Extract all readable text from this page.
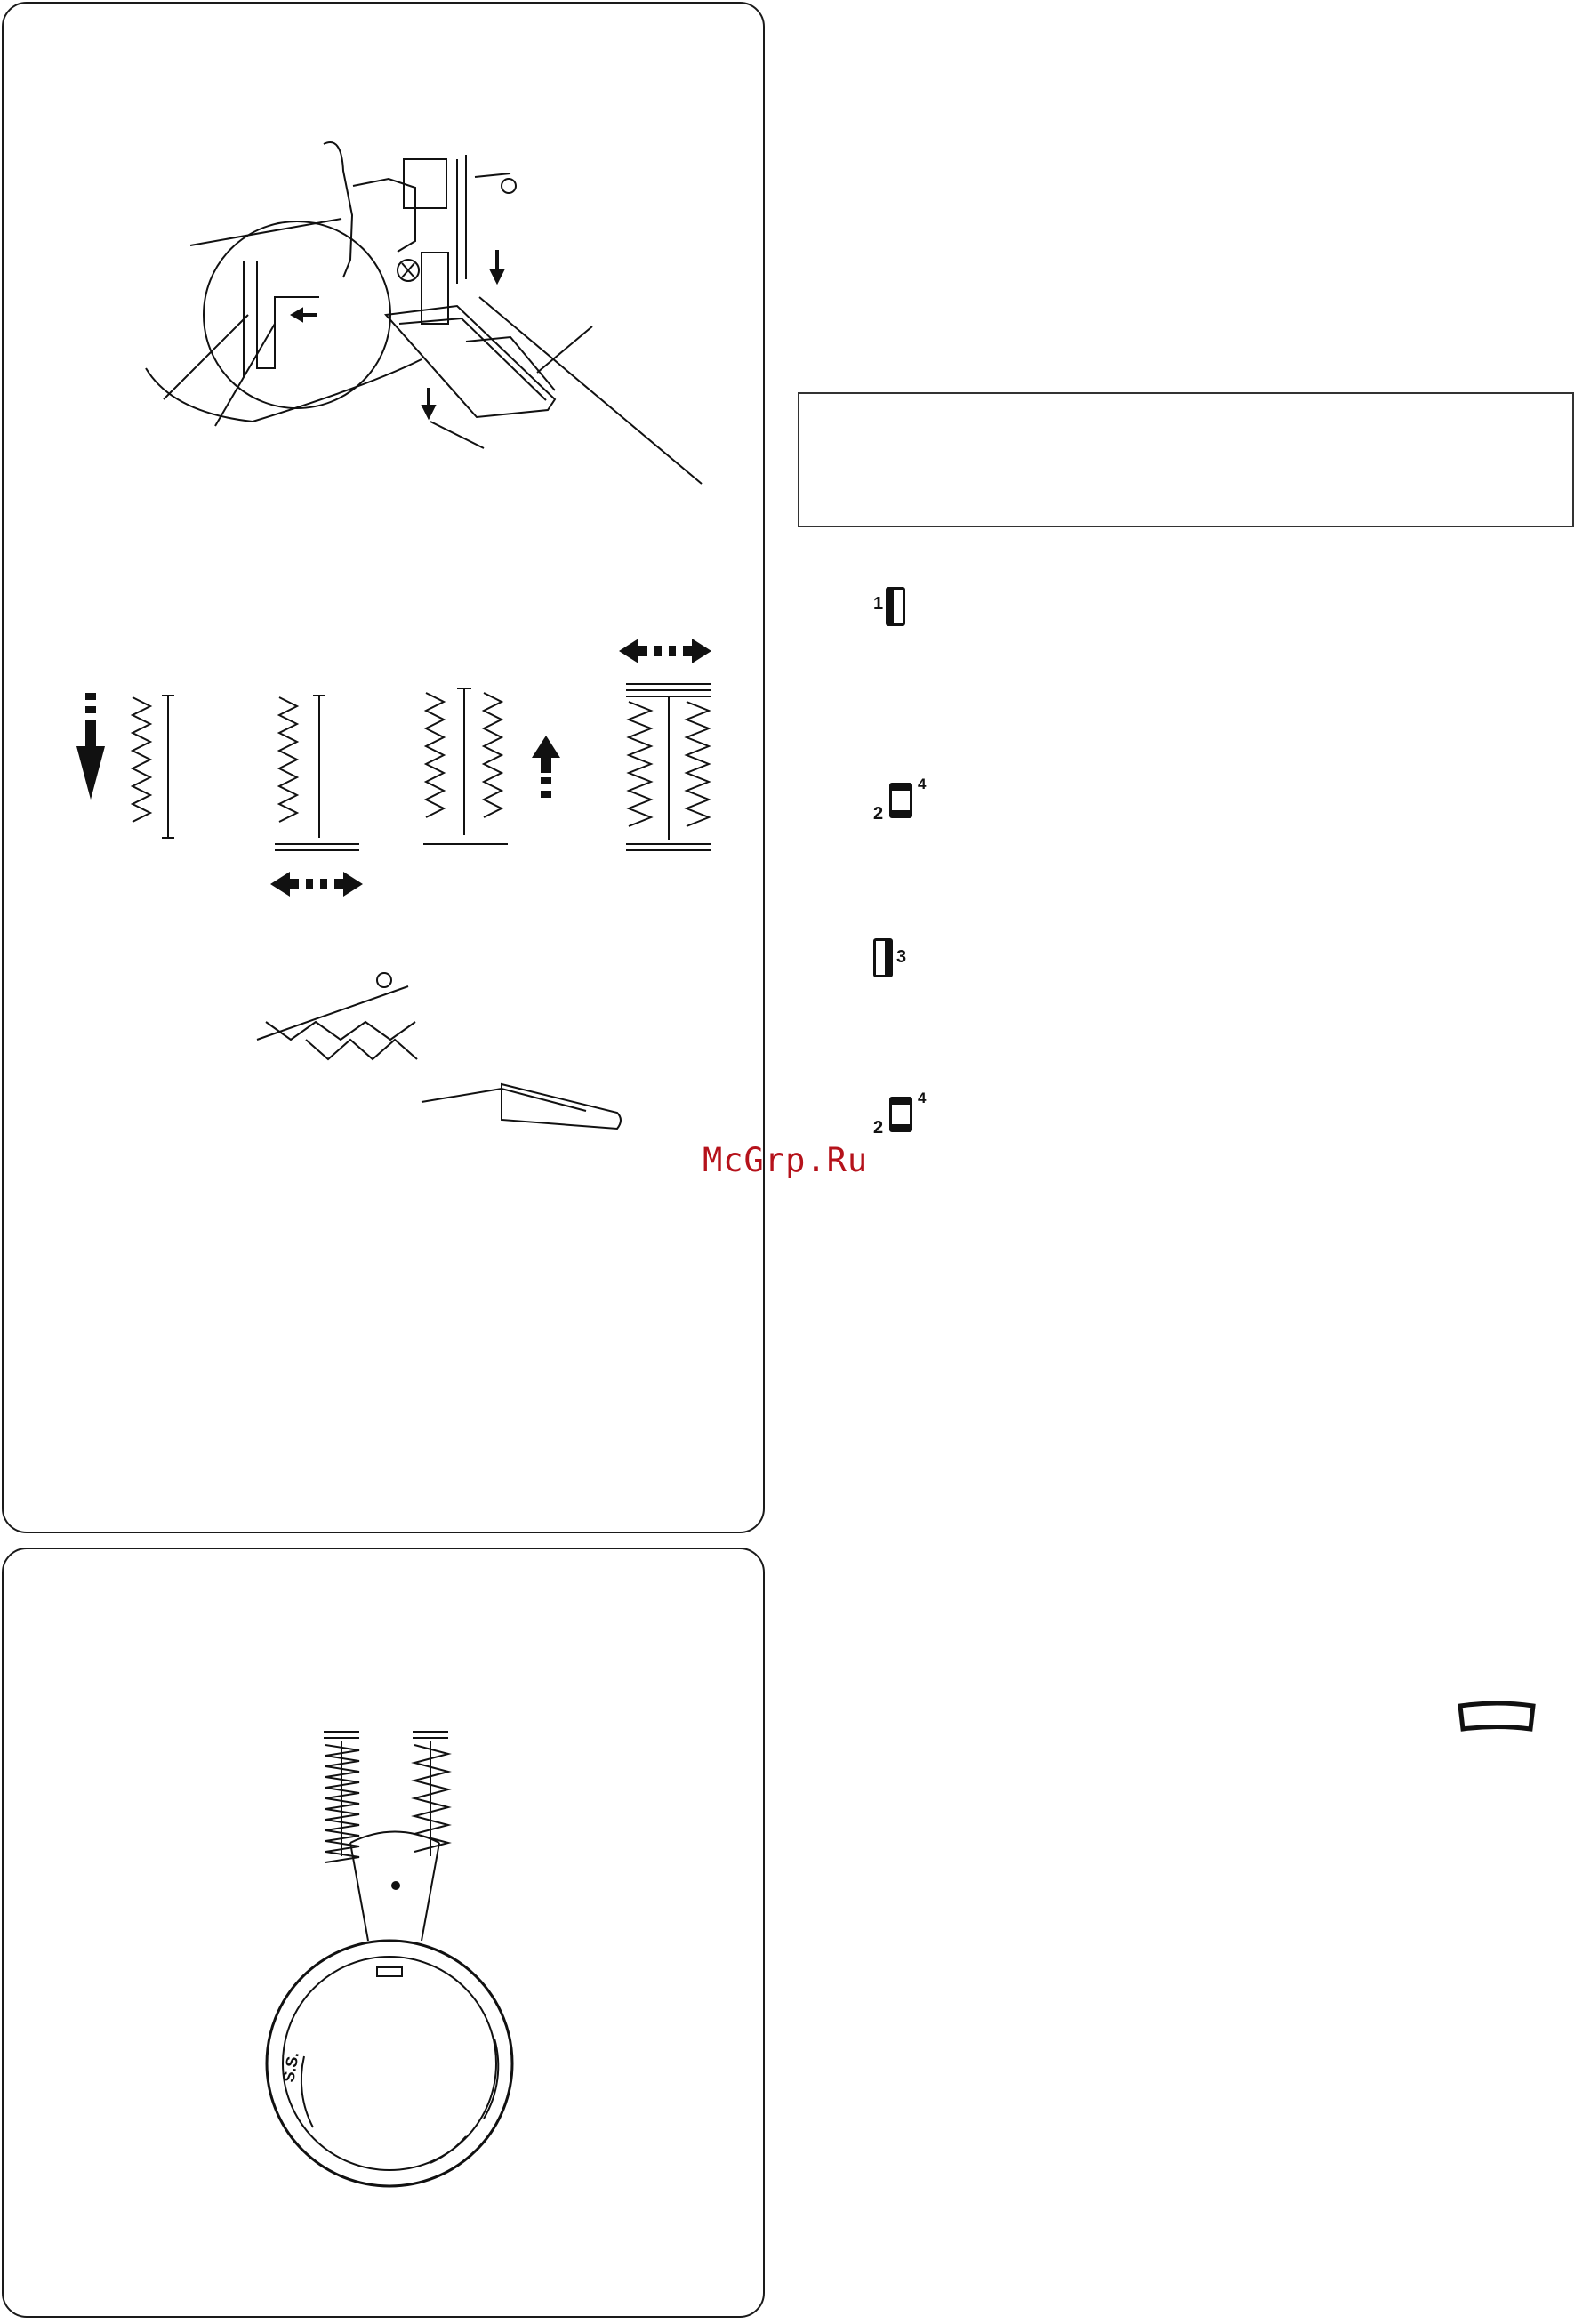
S.S.
1
2
4
3
2
4
McGrp.Ru
